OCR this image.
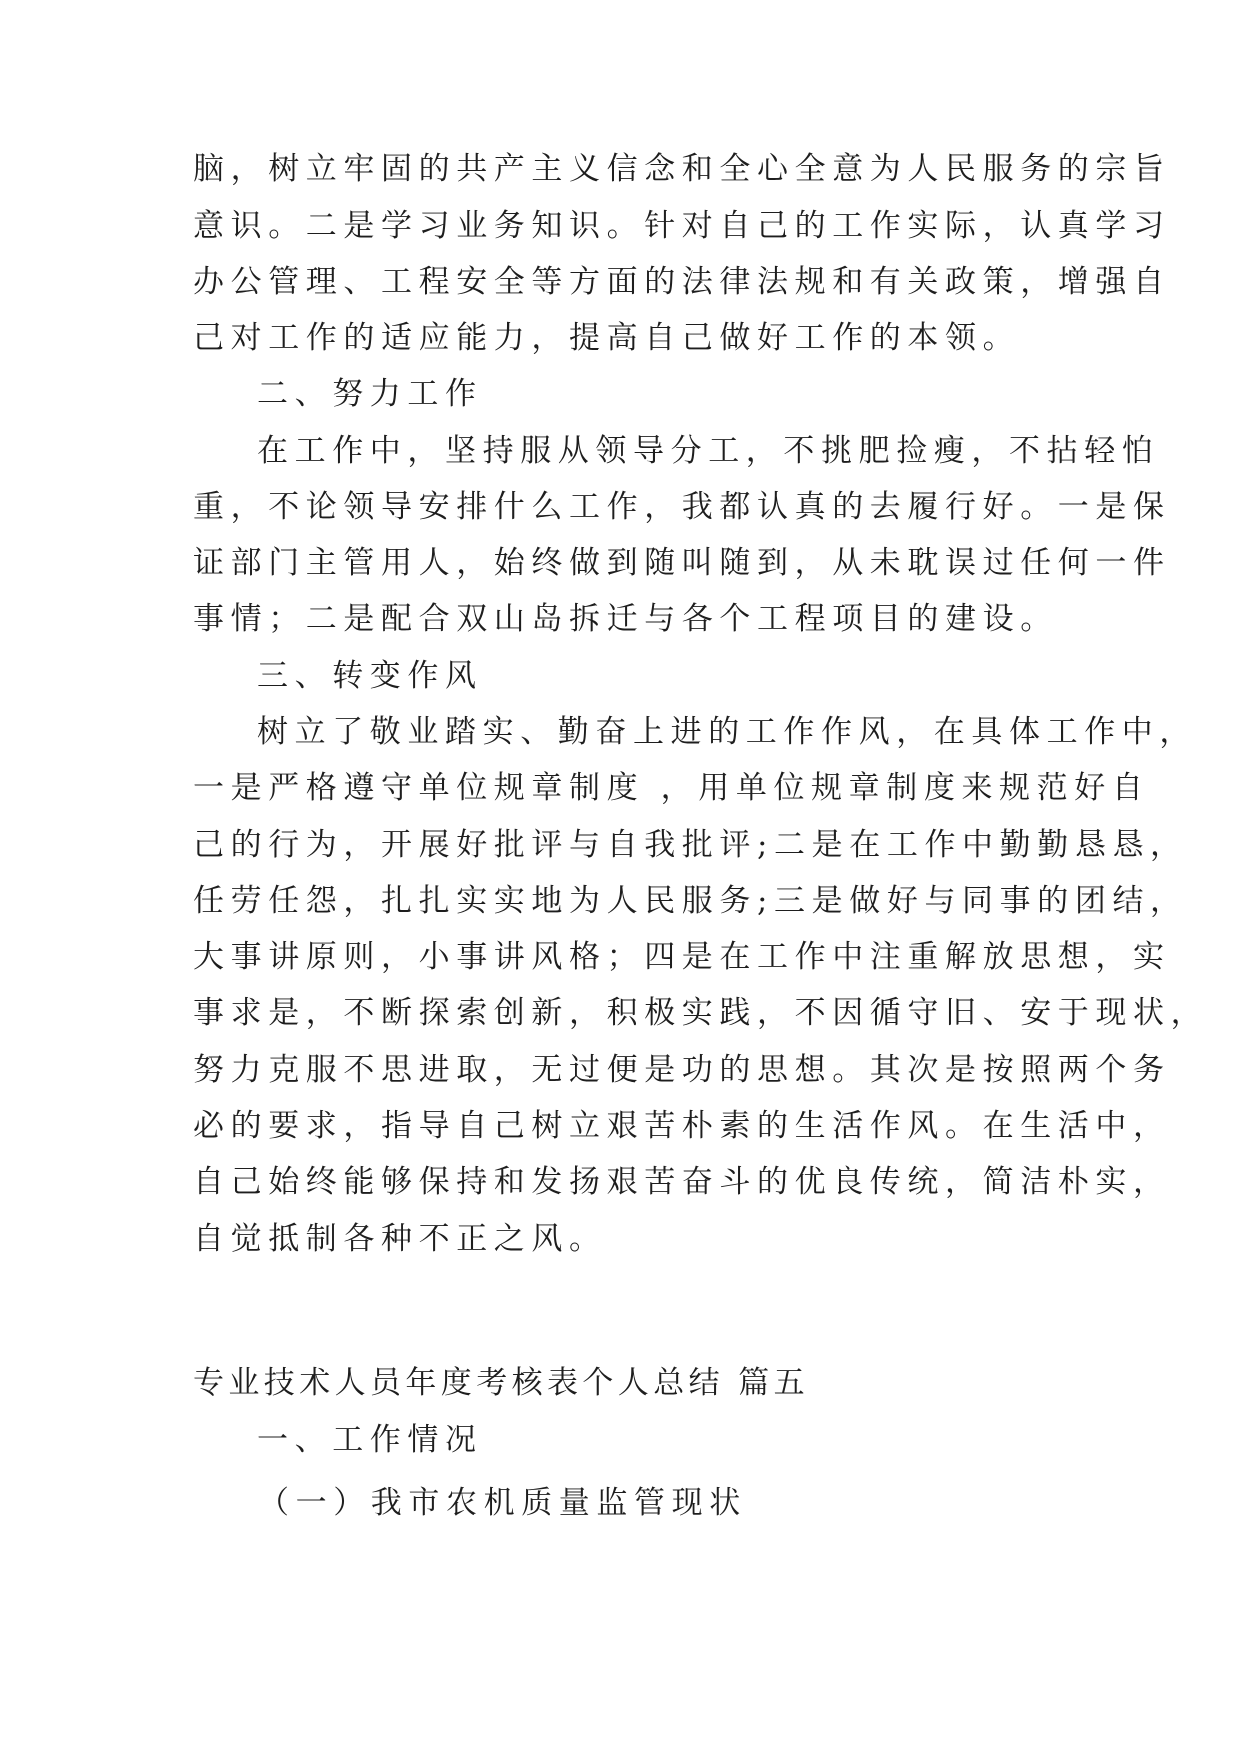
脑，树立牢固的共产主义信念和全心全意为人民服务的宗旨

意识。二是学习业务知识。针对自己的工作实际，认真学习

办公管理、工程安全等方面的法律法规和有关政策，增强自

己对工作的适应能力，提高自己做好工作的本领。

二、努力工作

在工作中，坚持服从领导分工，不挑肥捡瘦，不拈轻怕

重，不论领导安排什么工作，我都认真的去履行好。一是保

证部门主管用人，始终做到随叫随到，从未耽误过任何一件

事情；二是配合双山岛拆迁与各个工程项目的建设。

三、转变作风

树立了敬业踏实、勤奋上进的工作作风，在具体工作中，

一是严格遵守单位规章制度 ，用单位规章制度来规范好自

己的行为，开展好批评与自我批评;二是在工作中勤勤恳恳，

任劳任怨，扎扎实实地为人民服务;三是做好与同事的团结，

大事讲原则，小事讲风格；四是在工作中注重解放思想，实

事求是，不断探索创新，积极实践，不因循守旧、安于现状，

努力克服不思进取，无过便是功的思想。其次是按照两个务

必的要求，指导自己树立艰苦朴素的生活作风。在生活中，

自己始终能够保持和发扬艰苦奋斗的优良传统，简洁朴实，

自觉抵制各种不正之风。

专业技术人员年度考核表个人总结 篇五

一、工作情况

（一）我市农机质量监管现状
